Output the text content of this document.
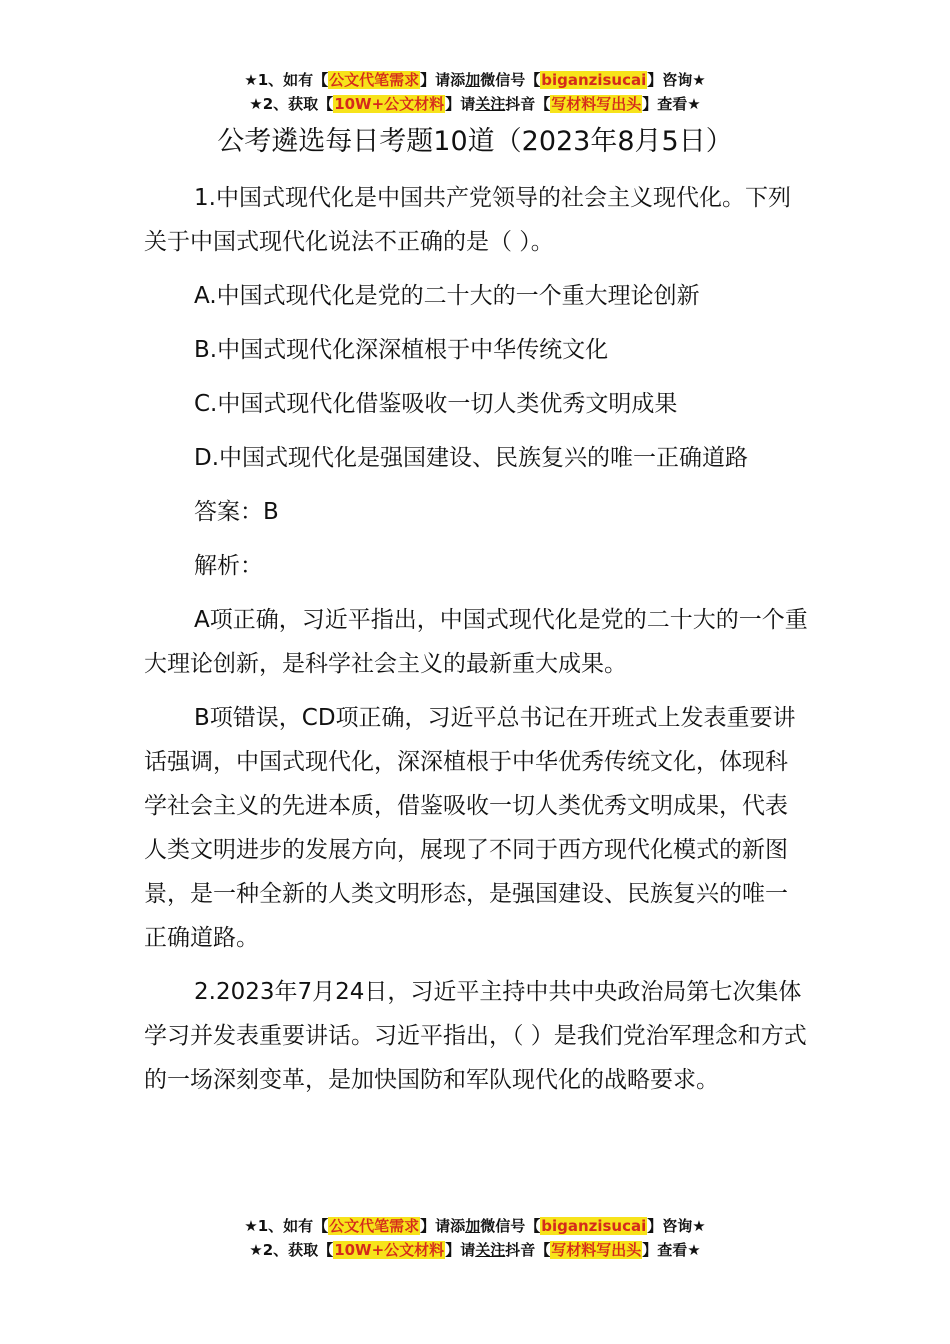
★1、如有【公文代笔需求】请添加微信号【biganzisucai】咨询★
★2、获取【10W+公文材料】请关注抖音【写材料写出头】查看★
公考遴选每日考题10道（2023年8月5日）

1.中国式现代化是中国共产党领导的社会主义现代化。下列关于中国式现代化说法不正确的是（ ）。

A.中国式现代化是党的二十大的一个重大理论创新

B.中国式现代化深深植根于中华传统文化

C.中国式现代化借鉴吸收一切人类优秀文明成果

D.中国式现代化是强国建设、民族复兴的唯一正确道路

答案：B

解析：

A项正确，习近平指出，中国式现代化是党的二十大的一个重大理论创新，是科学社会主义的最新重大成果。

B项错误，CD项正确，习近平总书记在开班式上发表重要讲话强调，中国式现代化，深深植根于中华优秀传统文化，体现科学社会主义的先进本质，借鉴吸收一切人类优秀文明成果，代表人类文明进步的发展方向，展现了不同于西方现代化模式的新图景，是一种全新的人类文明形态，是强国建设、民族复兴的唯一正确道路。

2.2023年7月24日，习近平主持中共中央政治局第七次集体学习并发表重要讲话。习近平指出，（ ）是我们党治军理念和方式的一场深刻变革，是加快国防和军队现代化的战略要求。

★1、如有【公文代笔需求】请添加微信号【biganzisucai】咨询★
★2、获取【10W+公文材料】请关注抖音【写材料写出头】查看★
